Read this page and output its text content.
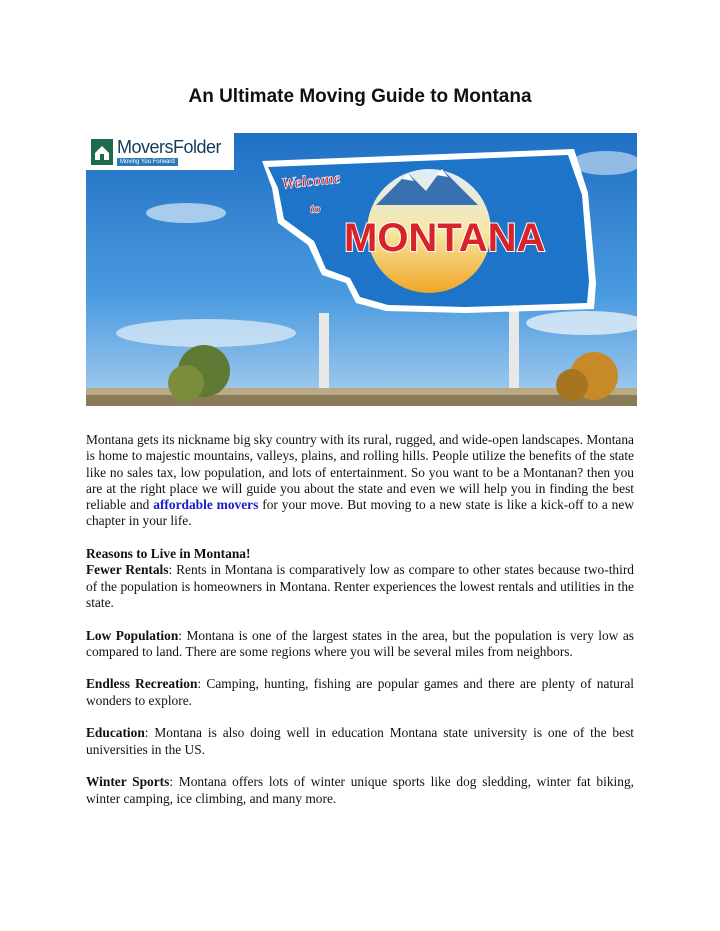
An Ultimate Moving Guide to Montana
Welcome
to
MONTANA
MoversFolder
Moving You Forward

Montana gets its nickname big sky country with its rural, rugged, and wide-open landscapes. Montana is home to majestic mountains, valleys, plains, and rolling hills. People utilize the benefits of the state like no sales tax, low population, and lots of entertainment. So you want to be a Montanan? then you are at the right place we will guide you about the state and even we will help you in finding the best reliable and affordable movers for your move. But moving to a new state is like a kick-off to a new chapter in your life.

Reasons to Live in Montana!
Fewer Rentals: Rents in Montana is comparatively low as compare to other states because two-third of the population is homeowners in Montana. Renter experiences the lowest rentals and utilities in the state.

Low Population: Montana is one of the largest states in the area, but the population is very low as compared to land. There are some regions where you will be several miles from neighbors.

Endless Recreation: Camping, hunting, fishing are popular games and there are plenty of natural wonders to explore.

Education: Montana is also doing well in education Montana state university is one of the best universities in the US.

Winter Sports: Montana offers lots of winter unique sports like dog sledding, winter fat biking, winter camping, ice climbing, and many more.
